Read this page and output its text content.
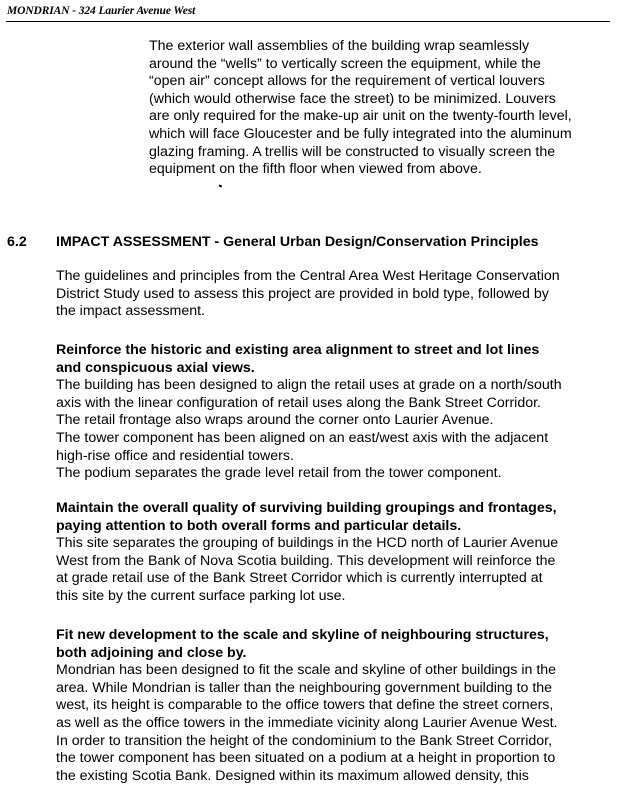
MONDRIAN - 324 Laurier Avenue West
The exterior wall assemblies of the building wrap seamlessly
around the “wells” to vertically screen the equipment, while the
“open air” concept allows for the requirement of vertical louvers
(which would otherwise face the street) to be minimized. Louvers
are only required for the make-up air unit on the twenty-fourth level,
which will face Gloucester and be fully integrated into the aluminum
glazing framing. A trellis will be constructed to visually screen the
equipment on the fifth floor when viewed from above.
6.2 IMPACT ASSESSMENT - General Urban Design/Conservation Principles
The guidelines and principles from the Central Area West Heritage Conservation
District Study used to assess this project are provided in bold type, followed by
the impact assessment.
Reinforce the historic and existing area alignment to street and lot lines
and conspicuous axial views.
The building has been designed to align the retail uses at grade on a north/south
axis with the linear configuration of retail uses along the Bank Street Corridor.
The retail frontage also wraps around the corner onto Laurier Avenue.
The tower component has been aligned on an east/west axis with the adjacent
high-rise office and residential towers.
The podium separates the grade level retail from the tower component.
Maintain the overall quality of surviving building groupings and frontages,
paying attention to both overall forms and particular details.
This site separates the grouping of buildings in the HCD north of Laurier Avenue
West from the Bank of Nova Scotia building. This development will reinforce the
at grade retail use of the Bank Street Corridor which is currently interrupted at
this site by the current surface parking lot use.
Fit new development to the scale and skyline of neighbouring structures,
both adjoining and close by.
Mondrian has been designed to fit the scale and skyline of other buildings in the
area. While Mondrian is taller than the neighbouring government building to the
west, its height is comparable to the office towers that define the street corners,
as well as the office towers in the immediate vicinity along Laurier Avenue West.
In order to transition the height of the condominium to the Bank Street Corridor,
the tower component has been situated on a podium at a height in proportion to
the existing Scotia Bank. Designed within its maximum allowed density, this
